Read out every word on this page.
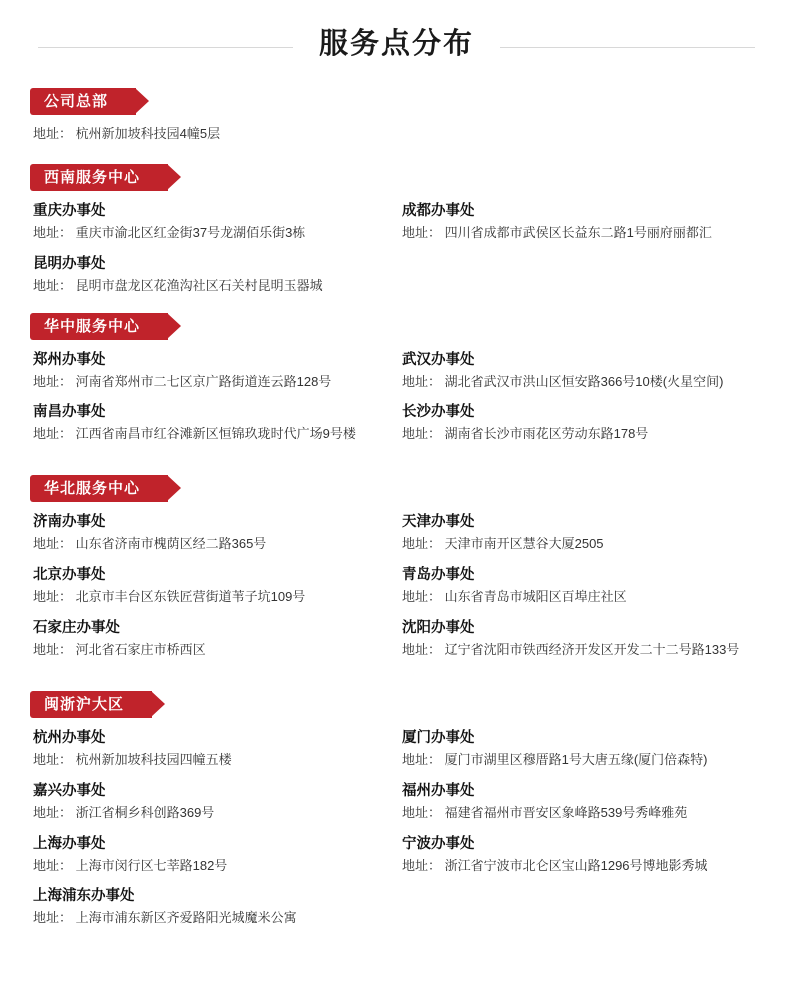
服务点分布
公司总部
地址： 杭州新加坡科技园4幢5层
西南服务中心
重庆办事处
地址： 重庆市渝北区红金街37号龙湖佰乐街3栋
成都办事处
地址： 四川省成都市武侯区长益东二路1号丽府丽都汇
昆明办事处
地址： 昆明市盘龙区花渔沟社区石关村昆明玉器城
华中服务中心
郑州办事处
地址： 河南省郑州市二七区京广路街道连云路128号
武汉办事处
地址： 湖北省武汉市洪山区恒安路366号10楼(火星空间)
南昌办事处
地址： 江西省南昌市红谷滩新区恒锦玖珑时代广场9号楼
长沙办事处
地址： 湖南省长沙市雨花区劳动东路178号
华北服务中心
济南办事处
地址： 山东省济南市槐荫区经二路365号
天津办事处
地址： 天津市南开区慧谷大厦2505
北京办事处
地址： 北京市丰台区东铁匠营街道苇子坑109号
青岛办事处
地址： 山东省青岛市城阳区百埠庄社区
石家庄办事处
地址： 河北省石家庄市桥西区
沈阳办事处
地址： 辽宁省沈阳市铁西经济开发区开发二十二号路133号
闽浙沪大区
杭州办事处
地址： 杭州新加坡科技园四幢五楼
厦门办事处
地址： 厦门市湖里区穆厝路1号大唐五缘(厦门倍森特)
嘉兴办事处
地址： 浙江省桐乡科创路369号
福州办事处
地址： 福建省福州市晋安区象峰路539号秀峰雅苑
上海办事处
地址： 上海市闵行区七莘路182号
宁波办事处
地址： 浙江省宁波市北仑区宝山路1296号博地影秀城
上海浦东办事处
地址： 上海市浦东新区齐爱路阳光城魔米公寓
